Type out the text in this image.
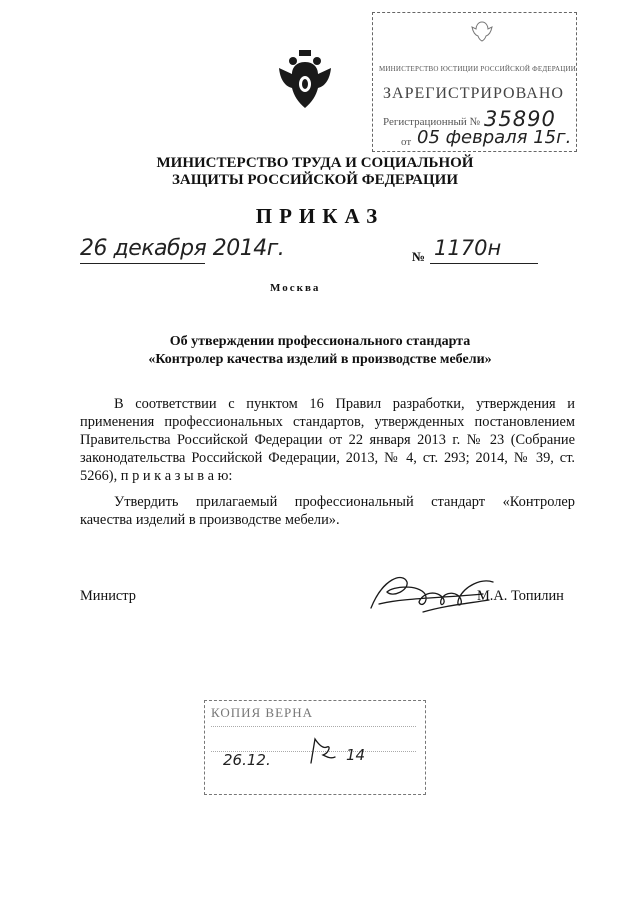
МИНИСТЕРСТВО ЮСТИЦИИ РОССИЙСКОЙ ФЕДЕРАЦИИ
ЗАРЕГИСТРИРОВАНО
Регистрационный № 35890
от 05 февраля 15г.
МИНИСТЕРСТВО ТРУДА И СОЦИАЛЬНОЙ ЗАЩИТЫ РОССИЙСКОЙ ФЕДЕРАЦИИ
ПРИКАЗ
26 декабря 2014г.	№ 1170н
Москва
Об утверждении профессионального стандарта
«Контролер качества изделий в производстве мебели»
В соответствии с пунктом 16 Правил разработки, утверждения и применения профессиональных стандартов, утвержденных постановлением Правительства Российской Федерации от 22 января 2013 г. № 23 (Собрание законодательства Российской Федерации, 2013, № 4, ст. 293; 2014, № 39, ст. 5266), п р и к а з ы в а ю:
Утвердить прилагаемый профессиональный стандарт «Контролер качества изделий в производстве мебели».
Министр	М.А. Топилин
КОПИЯ ВЕРНА
26.12.	14
